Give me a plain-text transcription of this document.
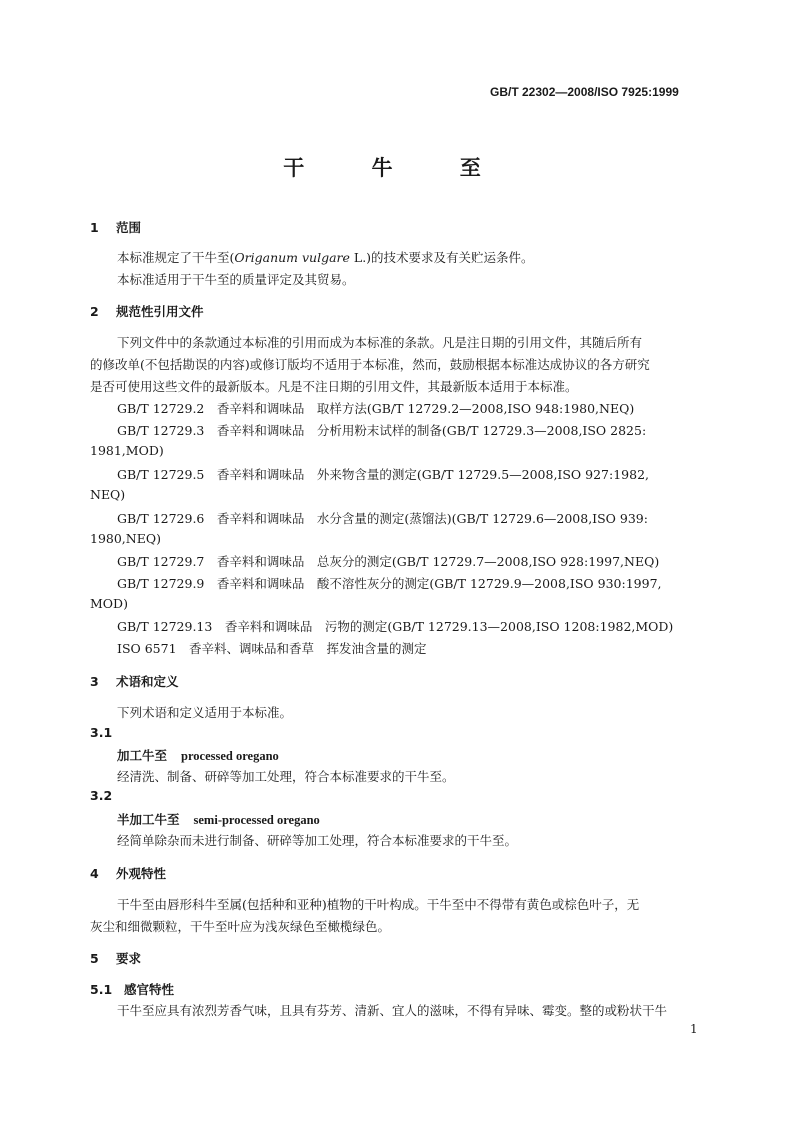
GB/T 22302—2008/ISO 7925:1999
干 牛 至
1 范围
本标准规定了干牛至(Origanum vulgare L.)的技术要求及有关贮运条件。
本标准适用于干牛至的质量评定及其贸易。
2 规范性引用文件
下列文件中的条款通过本标准的引用而成为本标准的条款。凡是注日期的引用文件，其随后所有
的修改单(不包括勘误的内容)或修订版均不适用于本标准，然而，鼓励根据本标准达成协议的各方研究
是否可使用这些文件的最新版本。凡是不注日期的引用文件，其最新版本适用于本标准。
GB/T 12729.2　香辛料和调味品　取样方法(GB/T 12729.2—2008,ISO 948:1980,NEQ)
GB/T 12729.3　香辛料和调味品　分析用粉末试样的制备(GB/T 12729.3—2008,ISO 2825:
1981,MOD)
GB/T 12729.5　香辛料和调味品　外来物含量的测定(GB/T 12729.5—2008,ISO 927:1982,
NEQ)
GB/T 12729.6　香辛料和调味品　水分含量的测定(蒸馏法)(GB/T 12729.6—2008,ISO 939:
1980,NEQ)
GB/T 12729.7　香辛料和调味品　总灰分的测定(GB/T 12729.7—2008,ISO 928:1997,NEQ)
GB/T 12729.9　香辛料和调味品　酸不溶性灰分的测定(GB/T 12729.9—2008,ISO 930:1997,
MOD)
GB/T 12729.13　香辛料和调味品　污物的测定(GB/T 12729.13—2008,ISO 1208:1982,MOD)
ISO 6571　香辛料、调味品和香草　挥发油含量的测定
3 术语和定义
下列术语和定义适用于本标准。
3.1
加工牛至 processed oregano
经清洗、制备、研碎等加工处理，符合本标准要求的干牛至。
3.2
半加工牛至 semi-processed oregano
经简单除杂而未进行制备、研碎等加工处理，符合本标准要求的干牛至。
4 外观特性
干牛至由唇形科牛至属(包括种和亚种)植物的干叶构成。干牛至中不得带有黄色或棕色叶子，无
灰尘和细微颗粒，干牛至叶应为浅灰绿色至橄榄绿色。
5 要求
5.1 感官特性
干牛至应具有浓烈芳香气味，且具有芬芳、清新、宜人的滋味，不得有异味、霉变。整的或粉状干牛
1
